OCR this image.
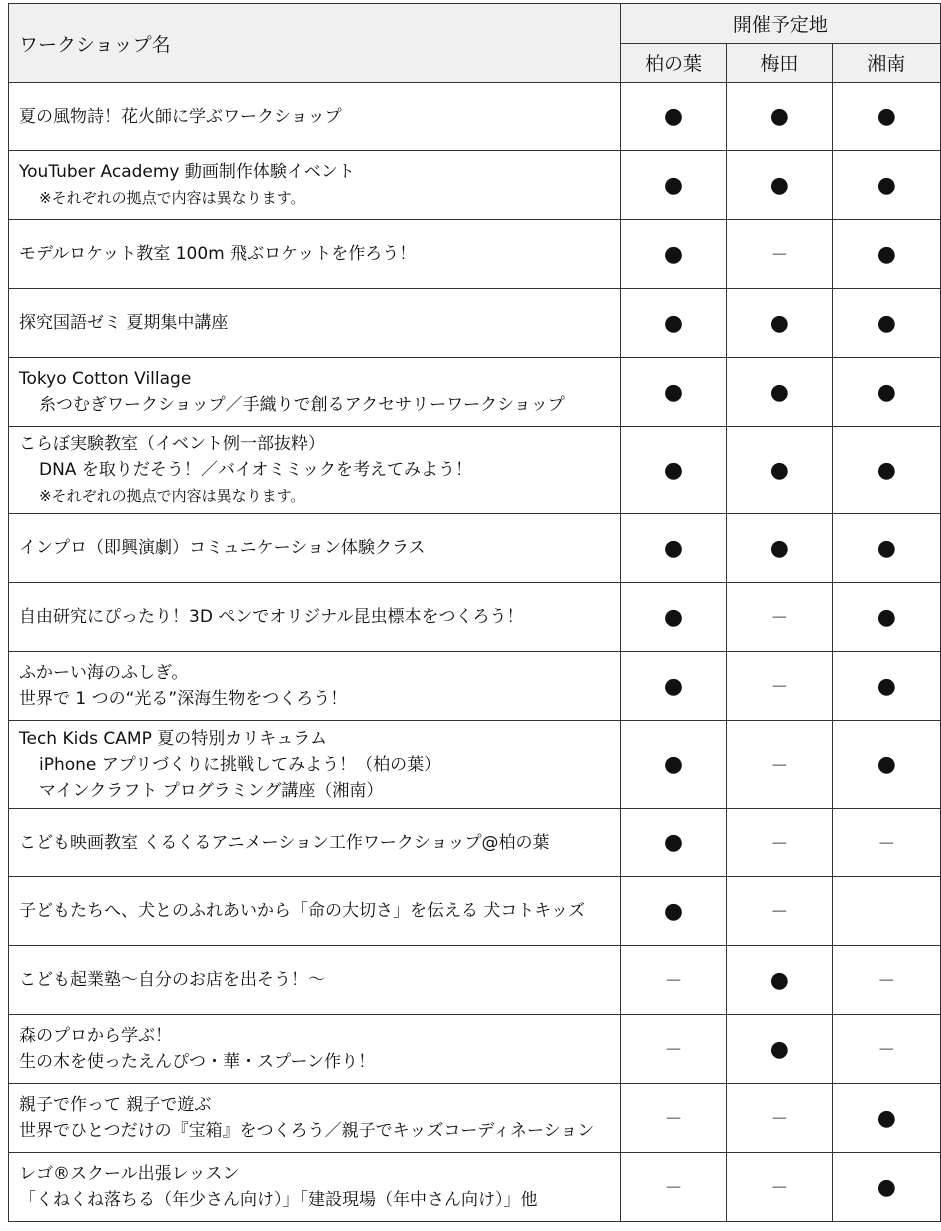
ワークショップ名	開催予定地		
	柏の葉	梅田	湘南

夏の風物詩！花火師に学ぶワークショップ	●	●	●

YouTuber Academy 動画制作体験イベント
※それぞれの拠点で内容は異なります。	●	●	●

モデルロケット教室 100m 飛ぶロケットを作ろう！	●	－	●

探究国語ゼミ 夏期集中講座	●	●	●

Tokyo Cotton Village
糸つむぎワークショップ／手織りで創るアクセサリーワークショップ	●	●	●

こらぼ実験教室（イベント例一部抜粋）
DNA を取りだそう！／バイオミミックを考えてみよう！
※それぞれの拠点で内容は異なります。	●	●	●

インプロ（即興演劇）コミュニケーション体験クラス	●	●	●

自由研究にぴったり！3D ペンでオリジナル昆虫標本をつくろう！	●	－	●

ふかーい海のふしぎ。
世界で 1 つの“光る”深海生物をつくろう！	●	－	●

Tech Kids CAMP 夏の特別カリキュラム
iPhone アプリづくりに挑戦してみよう！（柏の葉）
マインクラフト プログラミング講座（湘南）	●	－	●

こども映画教室 くるくるアニメーション工作ワークショップ@柏の葉	●	－	－

子どもたちへ、犬とのふれあいから「命の大切さ」を伝える 犬コトキッズ	●	－	

こども起業塾～自分のお店を出そう！～	－	●	－

森のプロから学ぶ！
生の木を使ったえんぴつ・華・スプーン作り！	－	●	－

親子で作って 親子で遊ぶ
世界でひとつだけの『宝箱』をつくろう／親子でキッズコーディネーション	－	－	●

レゴ®スクール出張レッスン
「くねくね落ちる（年少さん向け）」「建設現場（年中さん向け）」他	－	－	●
